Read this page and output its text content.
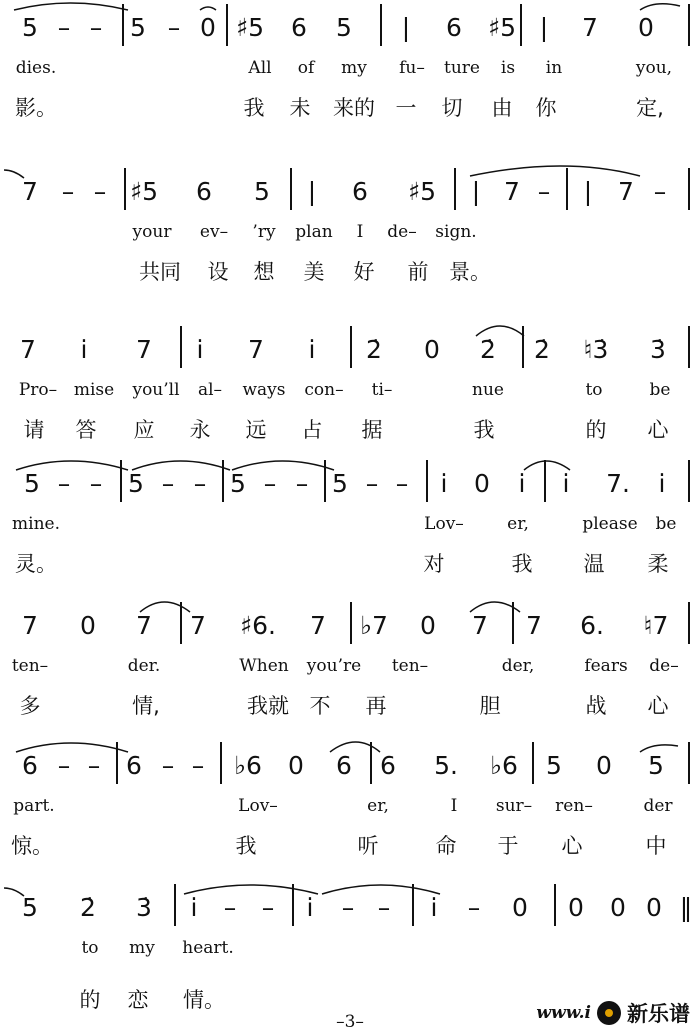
5 – – 5 – 0 ♯5 6 5 | 6 ♯5 | 7 0
dies.	All of my fu– ture is in	you,
影。	我 未 来的 一 切 由 你	定,
7 – – ♯5 6 5 | 6 ♯5 | 7 – | 7 –
your ev– ’ry plan I de– sign.
共同 设 想 美 好 前 景。
7 i̇ 7 i̇ 7 i̇ 2̇ 0 2̇ 2̇ ♮3̇ 3̇
Pro– mise you’ll al– ways con– ti–	nue	to	be
请 答 应 永 远 占 据	我	的 心
5 – – 5 – – 5 – – 5 – – i̇ 0 i̇ i̇ 7. i̇
mine.	Lov–	er,	please be
灵。	对	我 温 柔
7 0 7 7 ♯6. 7 ♭7 0 7 7 6. ♮7
ten–	der.	When you’re ten–	der,	fears de–
多	情,	我就 不 再	胆	战 心
6 – – 6 – – ♭6 0 6 6 5. ♭6 5 0 5
part.	Lov–	er,	I sur– ren–	der
惊。	我	听	命 于 心	中
5 2̇ 3̇ i̇ – – i̇ – – i̇ – 0 0 0 0 ‖
to my heart.
的 恋 情。
–3–	www.i 新乐谱
